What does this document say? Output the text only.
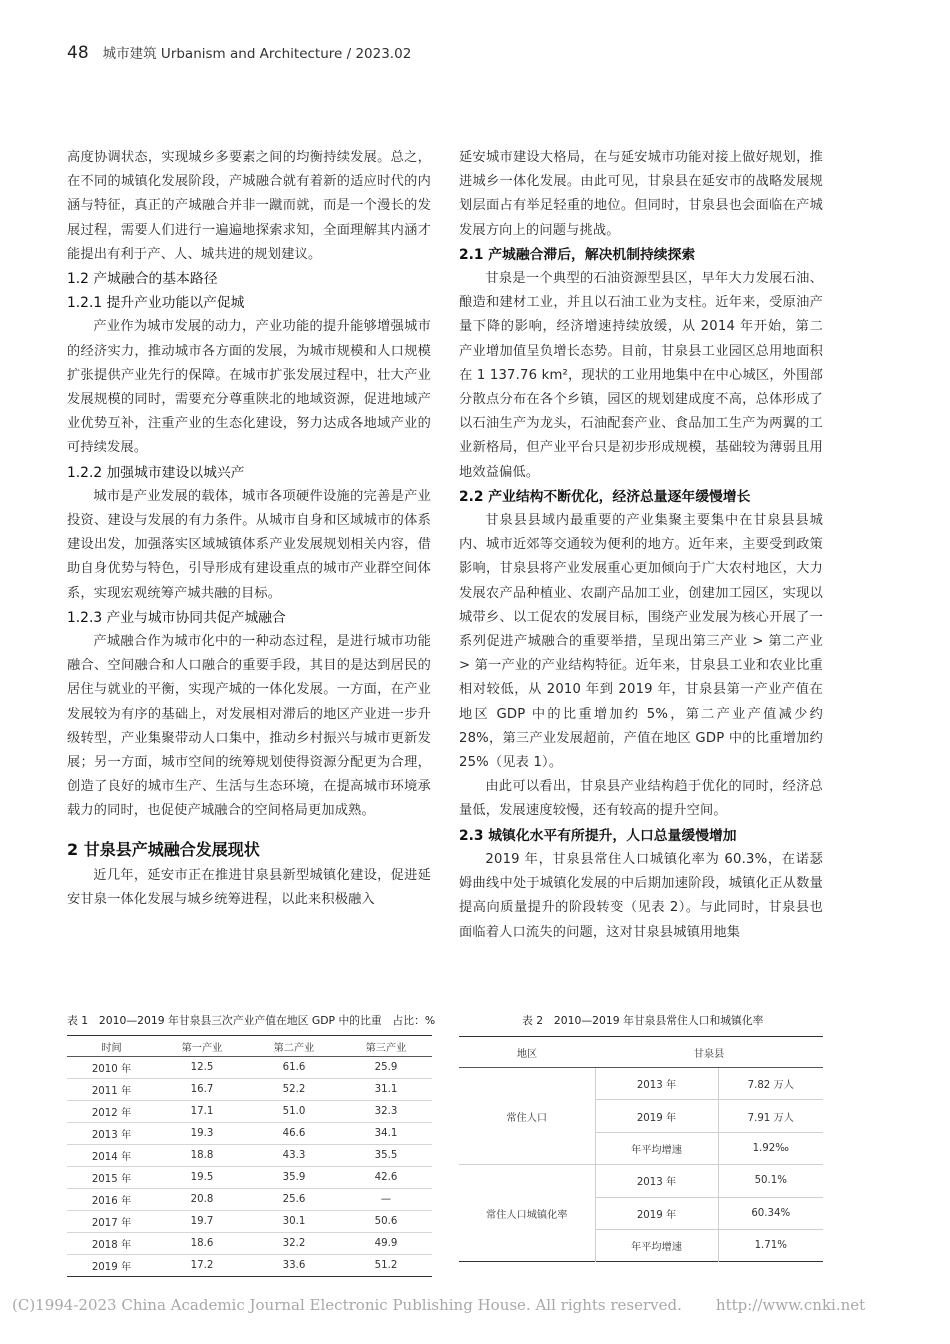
48 城市建筑 Urbanism and Architecture / 2023.02

高度协调状态，实现城乡多要素之间的均衡持续发展。总之，在不同的城镇化发展阶段，产城融合就有着新的适应时代的内涵与特征，真正的产城融合并非一蹴而就，而是一个漫长的发展过程，需要人们进行一遍遍地探索求知，全面理解其内涵才能提出有利于产、人、城共进的规划建议。

1.2 产城融合的基本路径

1.2.1 提升产业功能以产促城

产业作为城市发展的动力，产业功能的提升能够增强城市的经济实力，推动城市各方面的发展，为城市规模和人口规模扩张提供产业先行的保障。在城市扩张发展过程中，壮大产业发展规模的同时，需要充分尊重陕北的地域资源，促进地域产业优势互补，注重产业的生态化建设，努力达成各地域产业的可持续发展。

1.2.2 加强城市建设以城兴产

城市是产业发展的载体，城市各项硬件设施的完善是产业投资、建设与发展的有力条件。从城市自身和区域城市的体系建设出发，加强落实区域城镇体系产业发展规划相关内容，借助自身优势与特色，引导形成有建设重点的城市产业群空间体系，实现宏观统筹产城共融的目标。

1.2.3 产业与城市协同共促产城融合

产城融合作为城市化中的一种动态过程，是进行城市功能融合、空间融合和人口融合的重要手段，其目的是达到居民的居住与就业的平衡，实现产城的一体化发展。一方面，在产业发展较为有序的基础上，对发展相对滞后的地区产业进一步升级转型，产业集聚带动人口集中，推动乡村振兴与城市更新发展；另一方面，城市空间的统筹规划使得资源分配更为合理，创造了良好的城市生产、生活与生态环境，在提高城市环境承载力的同时，也促使产城融合的空间格局更加成熟。

2 甘泉县产城融合发展现状

近几年，延安市正在推进甘泉县新型城镇化建设，促进延安甘泉一体化发展与城乡统筹进程，以此来积极融入

延安城市建设大格局，在与延安城市功能对接上做好规划，推进城乡一体化发展。由此可见，甘泉县在延安市的战略发展规划层面占有举足轻重的地位。但同时，甘泉县也会面临在产城发展方向上的问题与挑战。

2.1 产城融合滞后，解决机制持续探索

甘泉是一个典型的石油资源型县区，早年大力发展石油、酿造和建材工业，并且以石油工业为支柱。近年来，受原油产量下降的影响，经济增速持续放缓，从 2014 年开始，第二产业增加值呈负增长态势。目前，甘泉县工业园区总用地面积在 1 137.76 km²，现状的工业用地集中在中心城区，外围部分散点分布在各个乡镇，园区的规划建成度不高，总体形成了以石油生产为龙头，石油配套产业、食品加工生产为两翼的工业新格局，但产业平台只是初步形成规模，基础较为薄弱且用地效益偏低。

2.2 产业结构不断优化，经济总量逐年缓慢增长

甘泉县县域内最重要的产业集聚主要集中在甘泉县县城内、城市近郊等交通较为便利的地方。近年来，主要受到政策影响，甘泉县将产业发展重心更加倾向于广大农村地区，大力发展农产品种植业、农副产品加工业，创建加工园区，实现以城带乡、以工促农的发展目标，围绕产业发展为核心开展了一系列促进产城融合的重要举措，呈现出第三产业 > 第二产业 > 第一产业的产业结构特征。近年来，甘泉县工业和农业比重相对较低，从 2010 年到 2019 年，甘泉县第一产业产值在地区 GDP 中的比重增加约 5%，第二产业产值减少约 28%，第三产业发展超前，产值在地区 GDP 中的比重增加约 25%（见表 1）。

由此可以看出，甘泉县产业结构趋于优化的同时，经济总量低，发展速度较慢，还有较高的提升空间。

2.3 城镇化水平有所提升，人口总量缓慢增加

2019 年，甘泉县常住人口城镇化率为 60.3%，在诺瑟姆曲线中处于城镇化发展的中后期加速阶段，城镇化正从数量提高向质量提升的阶段转变（见表 2）。与此同时，甘泉县也面临着人口流失的问题，这对甘泉县城镇用地集

表 1　2010—2019 年甘泉县三次产业产值在地区 GDP 中的比重　占比：%
时间	第一产业	第二产业	第三产业
2010 年	12.5	61.6	25.9
2011 年	16.7	52.2	31.1
2012 年	17.1	51.0	32.3
2013 年	19.3	46.6	34.1
2014 年	18.8	43.3	35.5
2015 年	19.5	35.9	42.6
2016 年	20.8	25.6	—
2017 年	19.7	30.1	50.6
2018 年	18.6	32.2	49.9
2019 年	17.2	33.6	51.2
表 2　2010—2019 年甘泉县常住人口和城镇化率
地区	甘泉县	
常住人口	2013 年	7.82 万人
	2019 年	7.91 万人
	年平均增速	1.92‰
常住人口城镇化率	2013 年	50.1%
	2019 年	60.34%
	年平均增速	1.71%
(C)1994-2023 China Academic Journal Electronic Publishing House. All rights reserved. http://www.cnki.net
